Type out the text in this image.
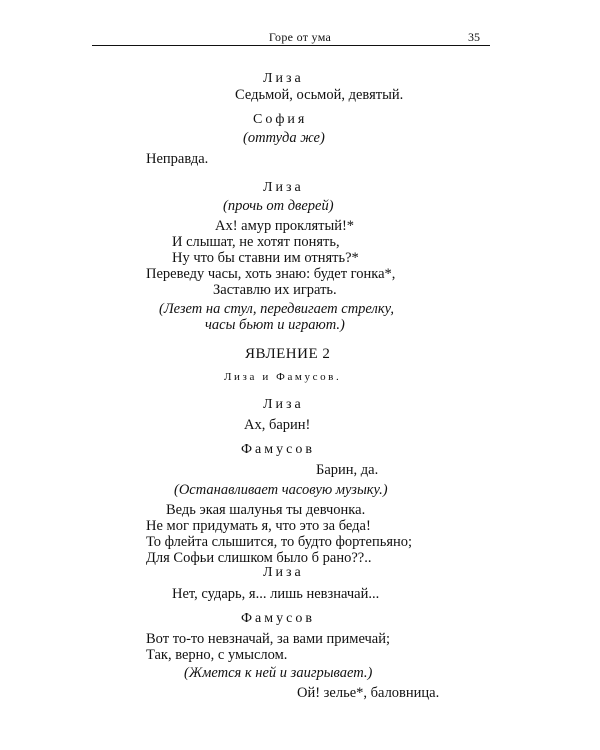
Горе от ума	35
Лиза
Седьмой, осьмой, девятый.
София
(оттуда же)
Неправда.
Лиза
(прочь от дверей)
Ах! амур проклятый!*
И слышат, не хотят понять,
Ну что бы ставни им отнять?*
Переведу часы, хоть знаю: будет гонка*,
Заставлю их играть.
(Лезет на стул, передвигает стрелку,
часы бьют и играют.)
ЯВЛЕНИЕ 2
Лиза и Фамусов.
Лиза
Ах, барин!
Фамусов
Барин, да.
(Останавливает часовую музыку.)
Ведь экая шалунья ты девчонка.
Не мог придумать я, что это за беда!
То флейта слышится, то будто фортепьяно;
Для Софьи слишком было б рано??..
Лиза
Нет, сударь, я... лишь невзначай...
Фамусов
Вот то-то невзначай, за вами примечай;
Так, верно, с умыслом.
(Жмется к ней и заигрывает.)
Ой! зелье*, баловница.
